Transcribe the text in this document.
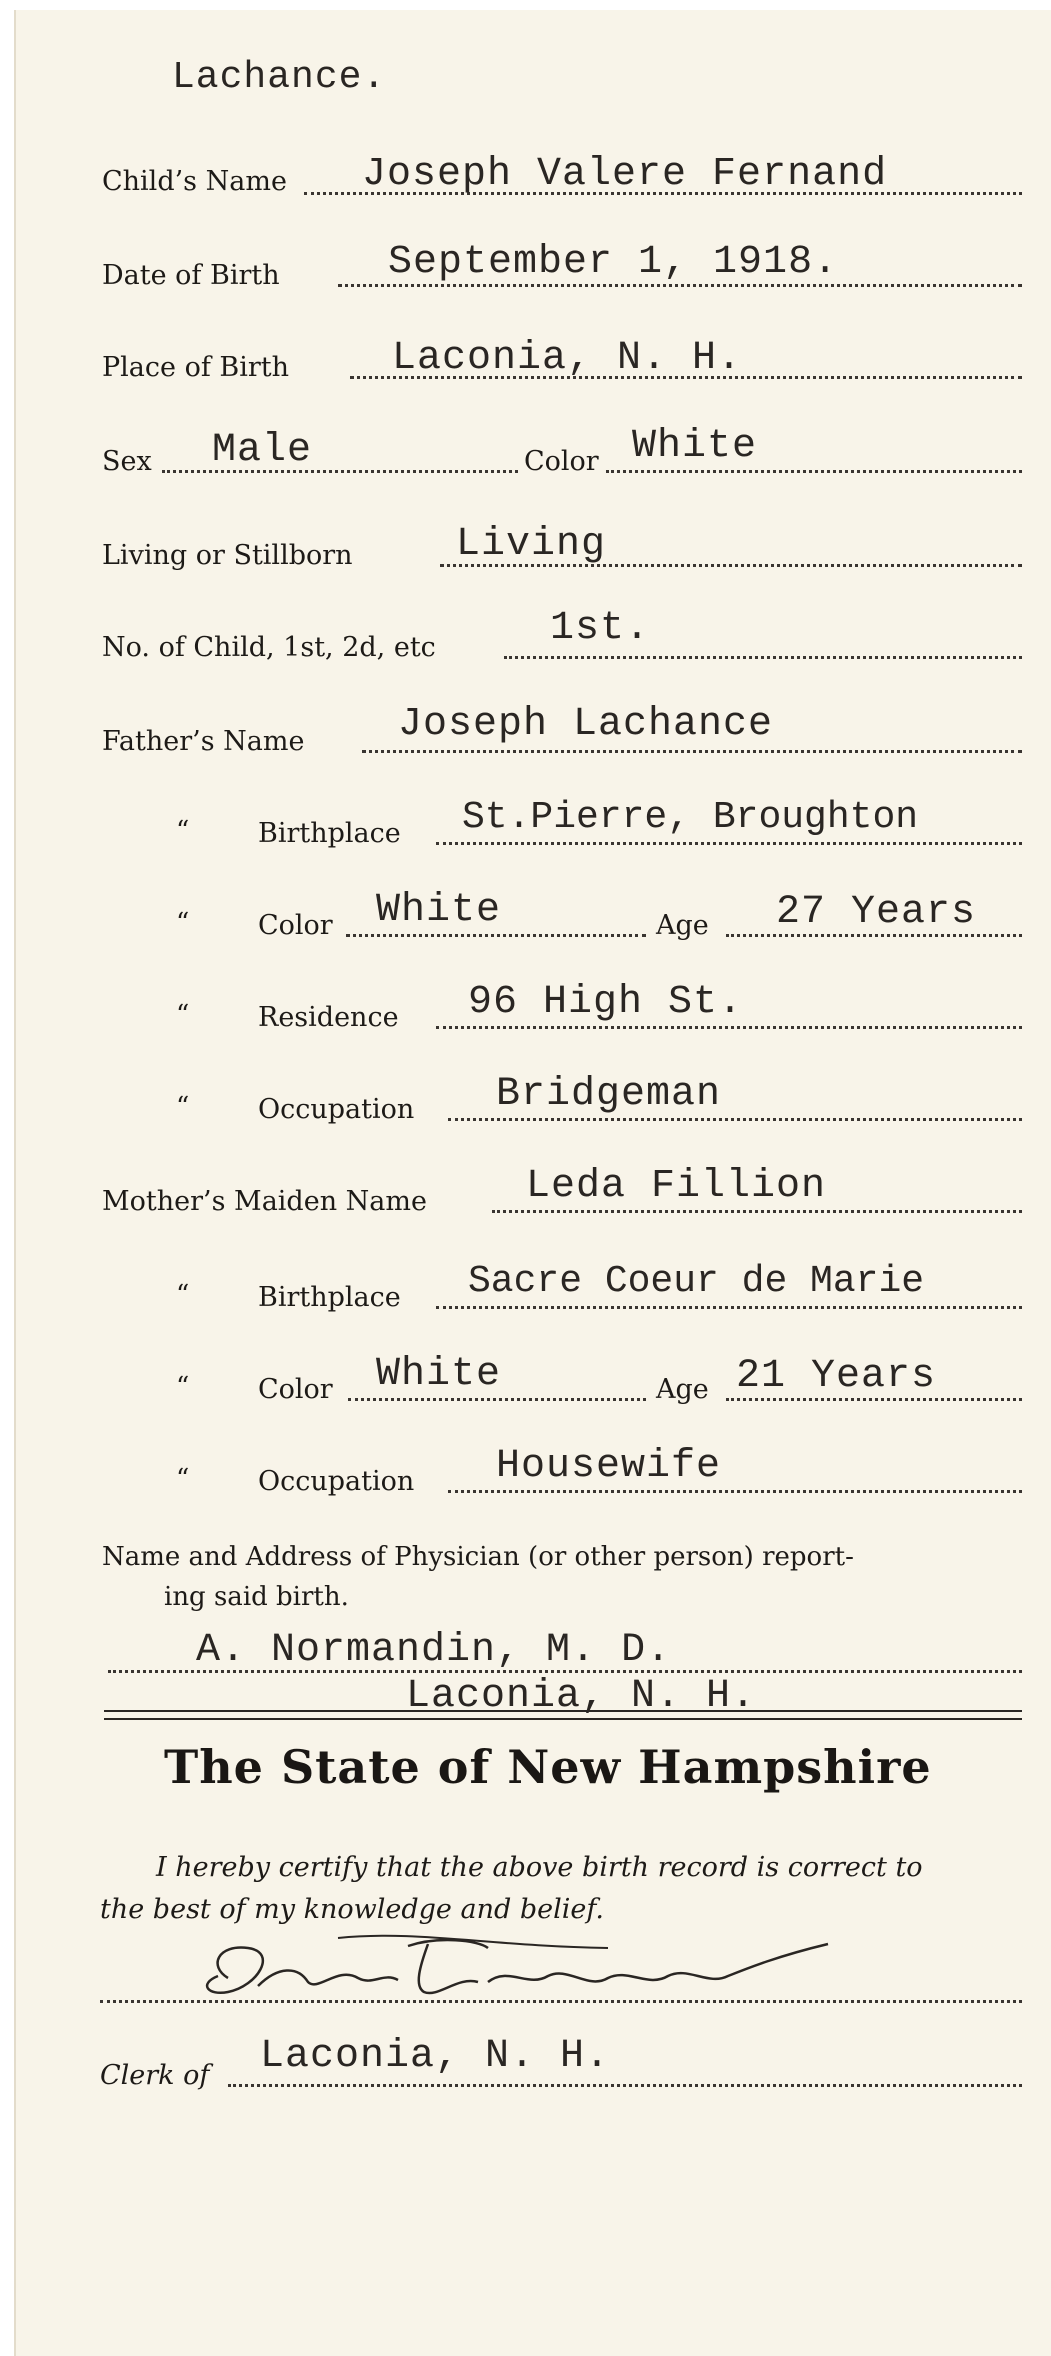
Lachance.
Child’s Name Joseph Valere Fernand
Date of Birth	September 1, 1918.
Place of Birth	Laconia, N. H.
Sex Male	Color White
Living or Stillborn	Living
No. of Child, 1st, 2d, etc	1st.
Father’s Name Joseph Lachance
“	Birthplace St.Pierre, Broughton
“	Color White	Age 27 Years
“	Residence 96 High St.
“	Occupation Bridgeman
Mother’s Maiden Name Leda Fillion
“	Birthplace Sacre Coeur de Marie
“	Color White	Age 21 Years
“	Occupation Housewife
Name and Address of Physician (or other person) report-
ing said birth.
A. Normandin, M. D.
Laconia, N. H.
The State of New Hampshire
I hereby certify that the above birth record is correct to
the best of my knowledge and belief.
Clerk of Laconia, N. H.
